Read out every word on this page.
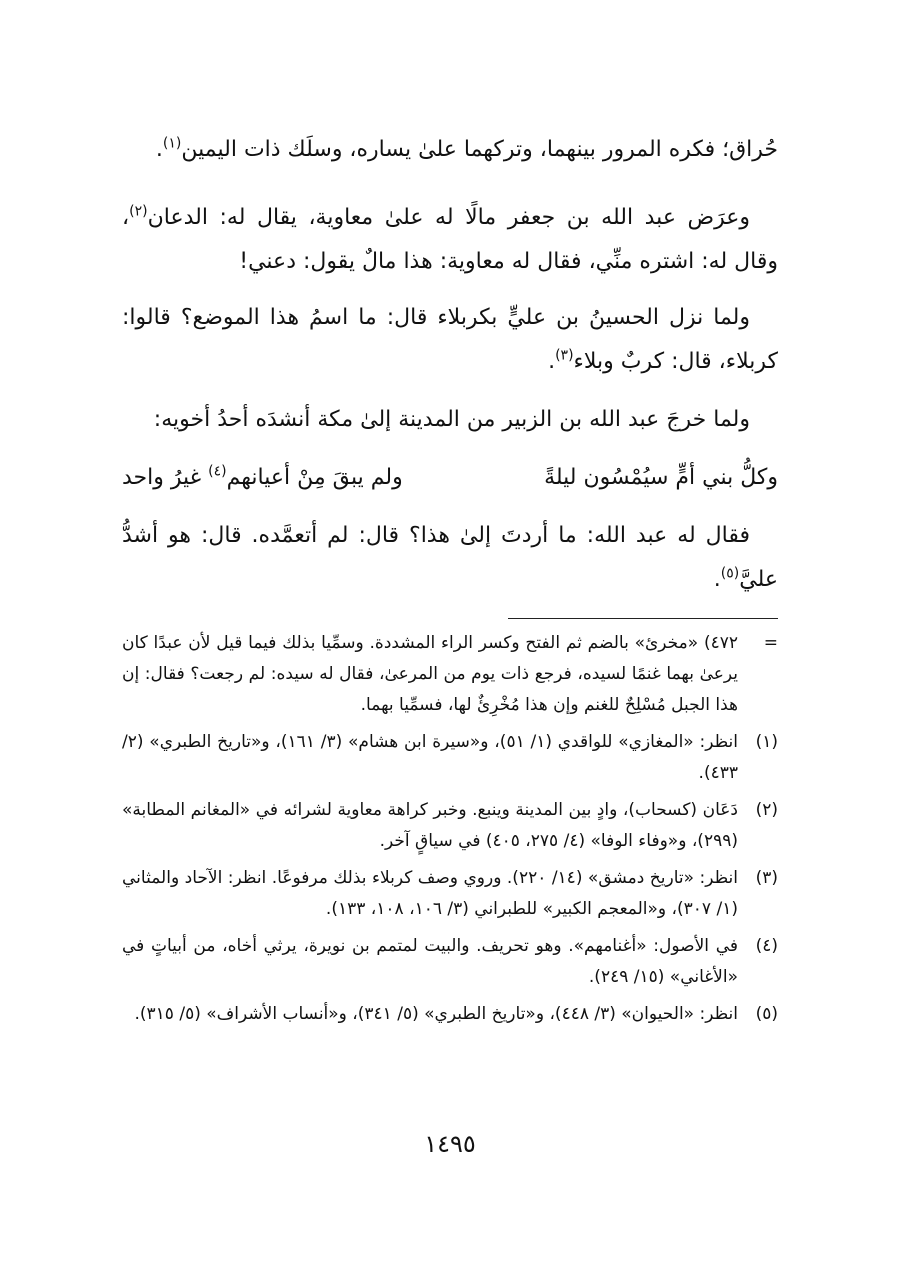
حُراق؛ فكره المرور بينهما، وتركهما علىٰ يساره، وسلَك ذات اليمين$^{(١)}$.

وعرَض عبد الله بن جعفر مالًا له علىٰ معاوية، يقال له: الدعان$^{(٢)}$، وقال له: اشتره منِّي، فقال له معاوية: هذا مالٌ يقول: دعني!

ولما نزل الحسينُ بن عليٍّ بكربلاء قال: ما اسمُ هذا الموضع؟ قالوا: كربلاء، قال: كربٌ وبلاء$^{(٣)}$.

ولما خرجَ عبد الله بن الزبير من المدينة إلىٰ مكة أنشدَه أحدُ أخويه:

وكلُّ بني أمٍّ سيُمْسُون ليلةً
ولم يبقَ مِنْ أعيانهم$^{(٤)}$ غيرُ واحد

فقال له عبد الله: ما أردتَ إلىٰ هذا؟ قال: لم أتعمَّده. قال: هو أشدُّ عليَّ$^{(٥)}$.

=
٤٧٢) «مخرئ» بالضم ثم الفتح وكسر الراء المشددة. وسمِّيا بذلك فيما قيل لأن عبدًا كان يرعىٰ بهما غنمًا لسيده، فرجع ذات يوم من المرعىٰ، فقال له سيده: لم رجعت؟ فقال: إن هذا الجبل مُسْلِحٌ للغنم وإن هذا مُخْرِئٌ لها، فسمِّيا بهما.
(١)
انظر: «المغازي» للواقدي (١/ ٥١)، و«سيرة ابن هشام» (٣/ ١٦١)، و«تاريخ الطبري» (٢/ ٤٣٣).
(٢)
دَعَان (كسحاب)، وادٍ بين المدينة وينبع. وخبر كراهة معاوية لشرائه في «المغانم المطابة» (٢٩٩)، و«وفاء الوفا» (٤/ ٢٧٥، ٤٠٥) في سياقٍ آخر.
(٣)
انظر: «تاريخ دمشق» (١٤/ ٢٢٠). وروي وصف كربلاء بذلك مرفوعًا. انظر: الآحاد والمثاني (١/ ٣٠٧)، و«المعجم الكبير» للطبراني (٣/ ١٠٦، ١٠٨، ١٣٣).
(٤)
في الأصول: «أغنامهم». وهو تحريف. والبيت لمتمم بن نويرة، يرثي أخاه، من أبياتٍ في «الأغاني» (١٥/ ٢٤٩).
(٥)
انظر: «الحيوان» (٣/ ٤٤٨)، و«تاريخ الطبري» (٥/ ٣٤١)، و«أنساب الأشراف» (٥/ ٣١٥).
١٤٩٥
